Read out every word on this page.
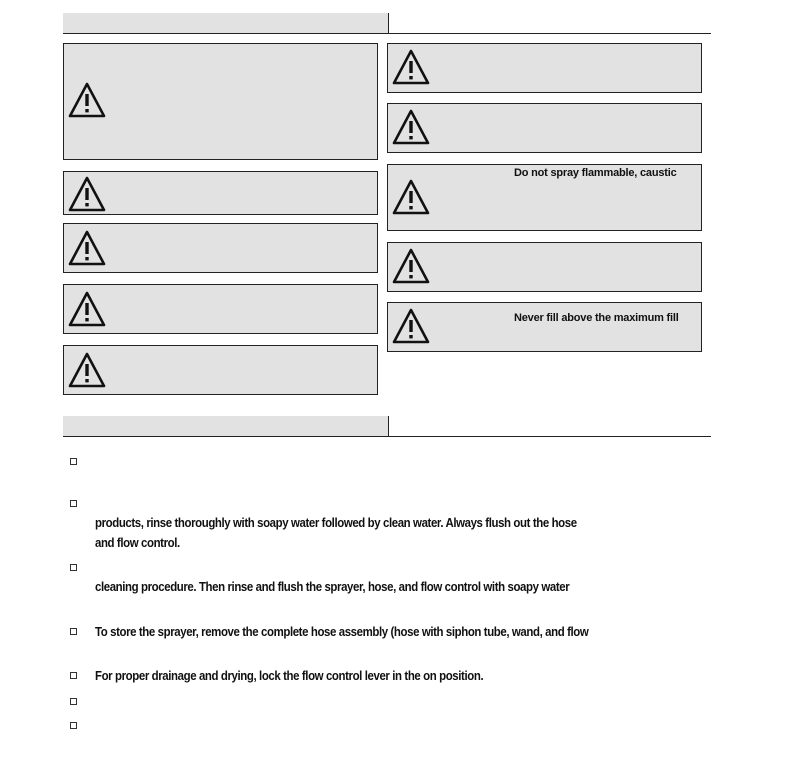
Do not spray flammable, caustic
Never fill above the maximum fill
products, rinse thoroughly with soapy water followed by clean water. Always flush out the hose
and flow control.
cleaning procedure. Then rinse and flush the sprayer, hose, and flow control with soapy water
To store the sprayer, remove the complete hose assembly (hose with siphon tube, wand, and flow
For proper drainage and drying, lock the flow control lever in the on position.
